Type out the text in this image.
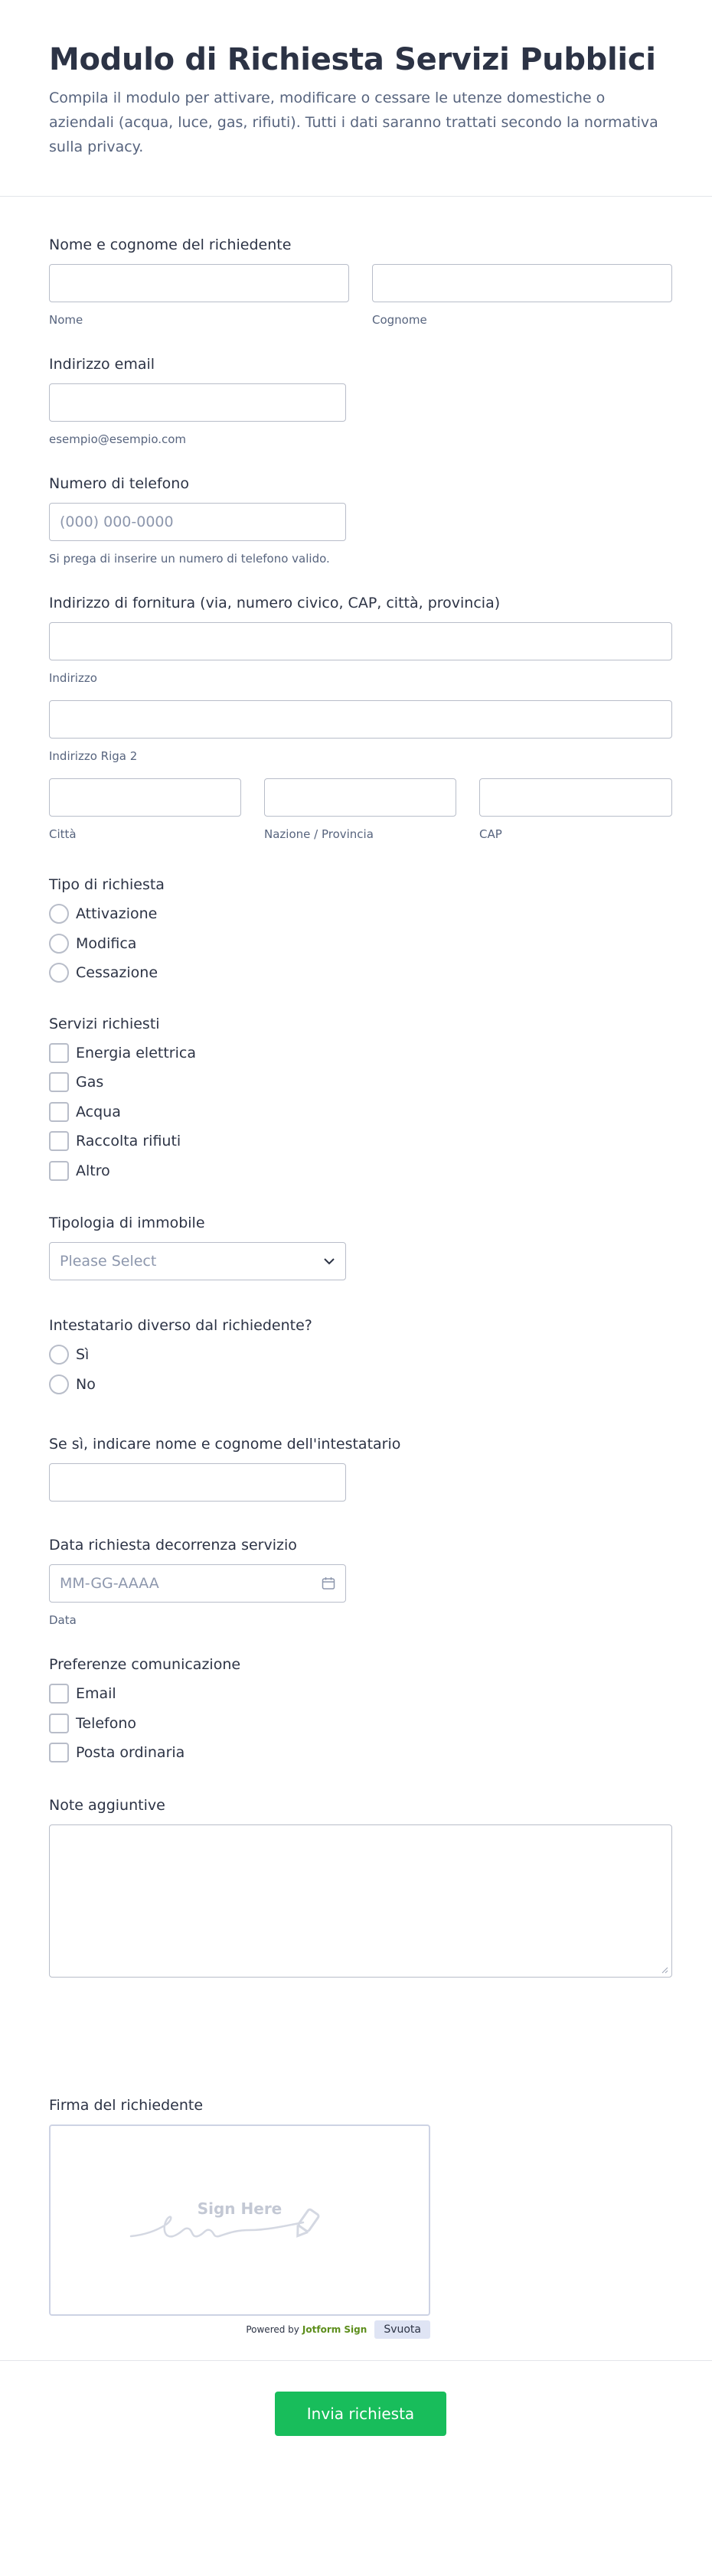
Modulo di Richiesta Servizi Pubblici

Compila il modulo per attivare, modificare o cessare le utenze domestiche o aziendali (acqua, luce, gas, rifiuti). Tutti i dati saranno trattati secondo la normativa sulla privacy.

Nome e cognome del richiedente
Nome	Cognome
Indirizzo email
esempio@esempio.com
Numero di telefono
(000) 000-0000
Si prega di inserire un numero di telefono valido.
Indirizzo di fornitura (via, numero civico, CAP, città, provincia)
Indirizzo
Indirizzo Riga 2
Città	Nazione / Provincia	CAP
Tipo di richiesta
Attivazione
Modifica
Cessazione
Servizi richiesti
Energia elettrica
Gas
Acqua
Raccolta rifiuti
Altro
Tipologia di immobile
Please Select
Intestatario diverso dal richiedente?
Sì
No
Se sì, indicare nome e cognome dell'intestatario
Data richiesta decorrenza servizio
MM-GG-AAAA
Data
Preferenze comunicazione
Email
Telefono
Posta ordinaria
Note aggiuntive
Firma del richiedente
Sign Here
Powered by Jotform Sign	Svuota
Invia richiesta
